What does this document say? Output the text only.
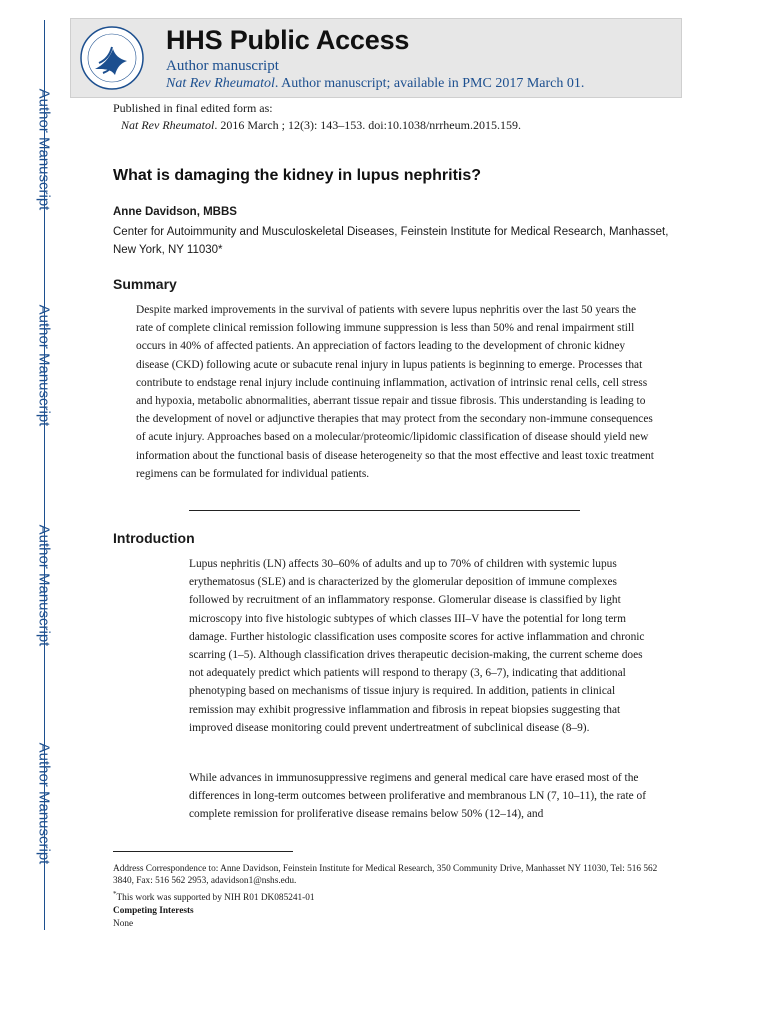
Author Manuscript
Author Manuscript
Author Manuscript
Author Manuscript
HHS Public Access
Author manuscript
Nat Rev Rheumatol. Author manuscript; available in PMC 2017 March 01.
Published in final edited form as:
Nat Rev Rheumatol. 2016 March ; 12(3): 143–153. doi:10.1038/nrrheum.2015.159.
What is damaging the kidney in lupus nephritis?
Anne Davidson, MBBS
Center for Autoimmunity and Musculoskeletal Diseases, Feinstein Institute for Medical Research, Manhasset, New York, NY 11030*
Summary
Despite marked improvements in the survival of patients with severe lupus nephritis over the last 50 years the rate of complete clinical remission following immune suppression is less than 50% and renal impairment still occurs in 40% of affected patients. An appreciation of factors leading to the development of chronic kidney disease (CKD) following acute or subacute renal injury in lupus patients is beginning to emerge. Processes that contribute to endstage renal injury include continuing inflammation, activation of intrinsic renal cells, cell stress and hypoxia, metabolic abnormalities, aberrant tissue repair and tissue fibrosis. This understanding is leading to the development of novel or adjunctive therapies that may protect from the secondary non-immune consequences of acute injury. Approaches based on a molecular/proteomic/lipidomic classification of disease should yield new information about the functional basis of disease heterogeneity so that the most effective and least toxic treatment regimens can be formulated for individual patients.
Introduction
Lupus nephritis (LN) affects 30–60% of adults and up to 70% of children with systemic lupus erythematosus (SLE) and is characterized by the glomerular deposition of immune complexes followed by recruitment of an inflammatory response. Glomerular disease is classified by light microscopy into five histologic subtypes of which classes III–V have the potential for long term damage. Further histologic classification uses composite scores for active inflammation and chronic scarring (1–5). Although classification drives therapeutic decision-making, the current scheme does not adequately predict which patients will respond to therapy (3, 6–7), indicating that additional phenotyping based on mechanisms of tissue injury is required. In addition, patients in clinical remission may exhibit progressive inflammation and fibrosis in repeat biopsies suggesting that improved disease monitoring could prevent undertreatment of subclinical disease (8–9).
While advances in immunosuppressive regimens and general medical care have erased most of the differences in long-term outcomes between proliferative and membranous LN (7, 10–11), the rate of complete remission for proliferative disease remains below 50% (12–14), and
Address Correspondence to: Anne Davidson, Feinstein Institute for Medical Research, 350 Community Drive, Manhasset NY 11030, Tel: 516 562 3840, Fax: 516 562 2953, adavidson1@nshs.edu.
*This work was supported by NIH R01 DK085241-01
Competing Interests
None
